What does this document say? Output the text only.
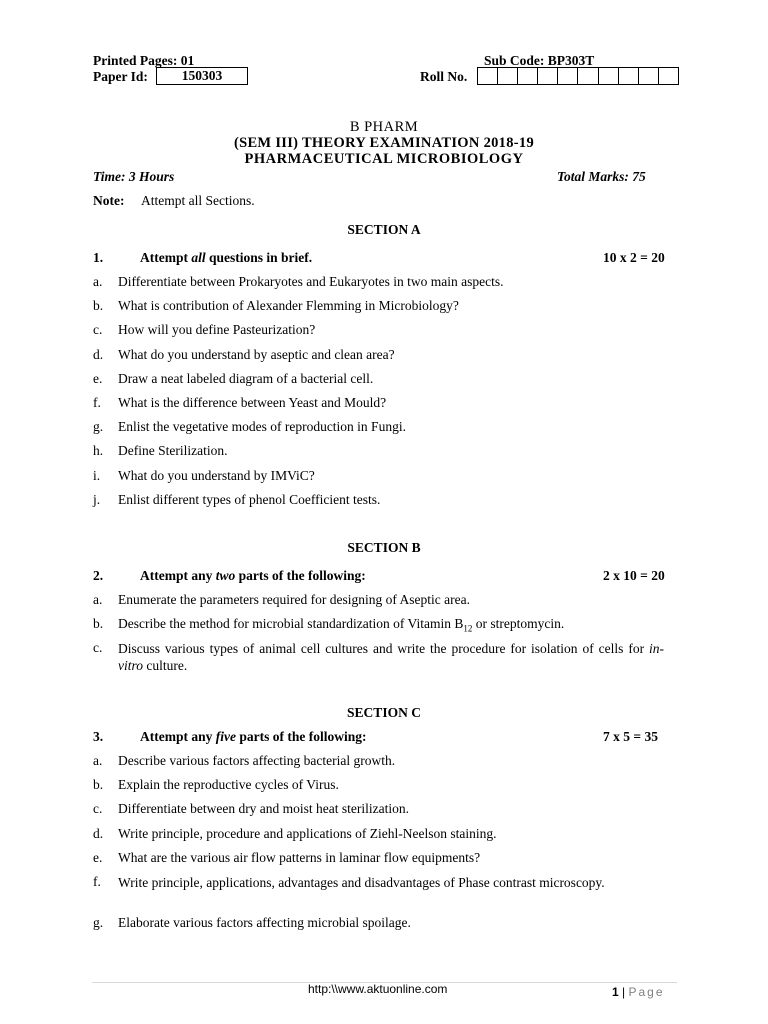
Printed Pages: 01	Sub Code: BP303T
Paper Id:	150303	Roll No.
B PHARM
(SEM III) THEORY EXAMINATION 2018-19
PHARMACEUTICAL MICROBIOLOGY
Time: 3 Hours	Total Marks: 75
Note: Attempt all Sections.
SECTION A
1.	Attempt all questions in brief.	10 x 2 = 20
a. Differentiate between Prokaryotes and Eukaryotes in two main aspects.
b. What is contribution of Alexander Flemming in Microbiology?
c. How will you define Pasteurization?
d. What do you understand by aseptic and clean area?
e. Draw a neat labeled diagram of a bacterial cell.
f. What is the difference between Yeast and Mould?
g. Enlist the vegetative modes of reproduction in Fungi.
h. Define Sterilization.
i. What do you understand by IMViC?
j. Enlist different types of phenol Coefficient tests.
SECTION B
2.	Attempt any two parts of the following:	2 x 10 = 20
a. Enumerate the parameters required for designing of Aseptic area.
b. Describe the method for microbial standardization of Vitamin $B_{12}$ or streptomycin.
c. Discuss various types of animal cell cultures and write the procedure for isolation of cells for in-vitro culture.
SECTION C
3.	Attempt any five parts of the following:	7 x 5 = 35
a. Describe various factors affecting bacterial growth.
b. Explain the reproductive cycles of Virus.
c. Differentiate between dry and moist heat sterilization.
d. Write principle, procedure and applications of Ziehl-Neelson staining.
e. What are the various air flow patterns in laminar flow equipments?
f. Write principle, applications, advantages and disadvantages of Phase contrast microscopy.
g. Elaborate various factors affecting microbial spoilage.
http:\\www.aktuonline.com	1 | Page
